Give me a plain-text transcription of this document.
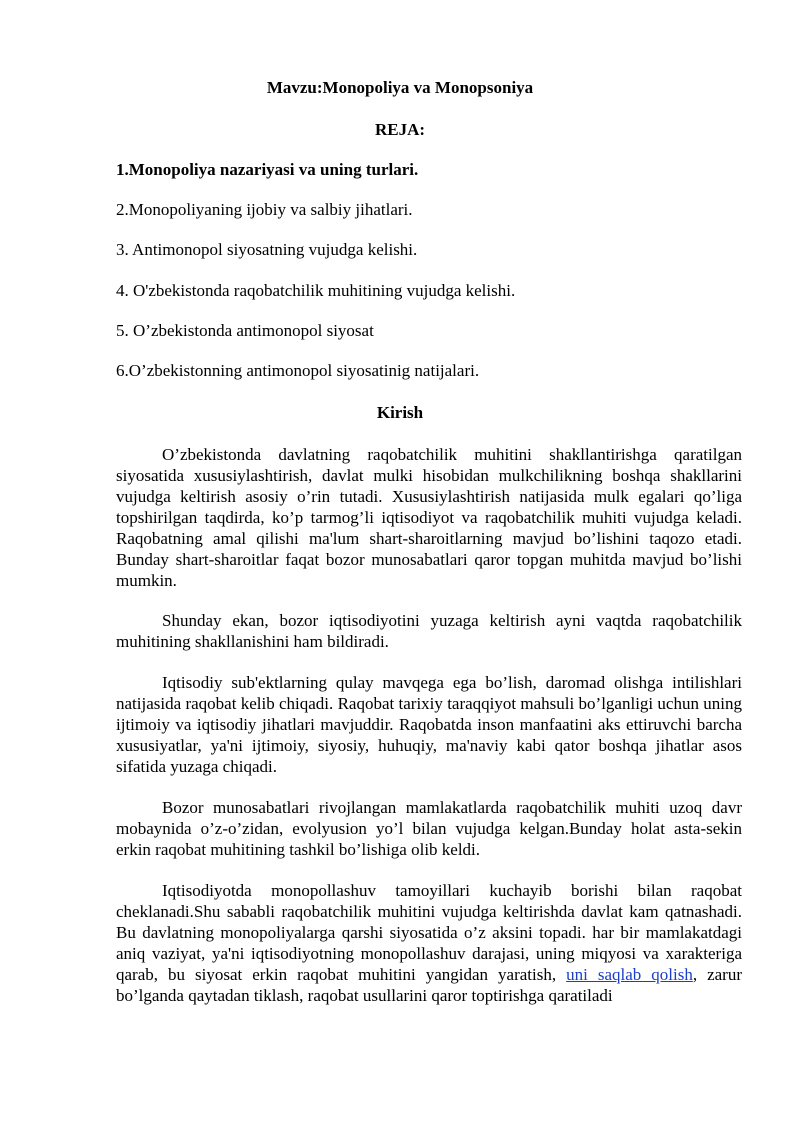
Mavzu:Monopoliya va Monopsoniya
REJA:
1.Monopoliya nazariyasi va uning turlari.
2.Monopoliyaning ijobiy va salbiy jihatlari.
3. Antimonopol siyosatning vujudga kelishi.
4. O'zbekistonda raqobatchilik muhitining vujudga kelishi.
5. O’zbekistonda antimonopol siyosat
6.O’zbekistonning antimonopol siyosatinig natijalari.
Kirish
O’zbekistonda davlatning raqobatchilik muhitini shakllantirishga qaratilgan siyosatida xususiylashtirish, davlat mulki hisobidan mulkchilikning boshqa shakllarini vujudga keltirish asosiy o’rin tutadi. Xususiylashtirish natijasida mulk egalari qo’liga topshirilgan taqdirda, ko’p tarmog’li iqtisodiyot va raqobatchilik muhiti vujudga keladi. Raqobatning amal qilishi ma'lum shart-sharoitlarning mavjud bo’lishini taqozo etadi. Bunday shart-sharoitlar faqat bozor munosabatlari qaror topgan muhitda mavjud bo’lishi mumkin.
Shunday ekan, bozor iqtisodiyotini yuzaga keltirish ayni vaqtda raqobatchilik muhitining shakllanishini ham bildiradi.
Iqtisodiy sub'ektlarning qulay mavqega ega bo’lish, daromad olishga intilishlari natijasida raqobat kelib chiqadi. Raqobat tarixiy taraqqiyot mahsuli bo’lganligi uchun uning ijtimoiy va iqtisodiy jihatlari mavjuddir. Raqobatda inson manfaatini aks ettiruvchi barcha xususiyatlar, ya'ni ijtimoiy, siyosiy, huhuqiy, ma'naviy kabi qator boshqa jihatlar asos sifatida yuzaga chiqadi.
Bozor munosabatlari rivojlangan mamlakatlarda raqobatchilik muhiti uzoq davr mobaynida o’z-o’zidan, evolyusion yo’l bilan vujudga kelgan.Bunday holat asta-sekin erkin raqobat muhitining tashkil bo’lishiga olib keldi.
Iqtisodiyotda monopollashuv tamoyillari kuchayib borishi bilan raqobat cheklanadi.Shu sababli raqobatchilik muhitini vujudga keltirishda davlat kam qatnashadi. Bu davlatning monopoliyalarga qarshi siyosatida o’z aksini topadi. har bir mamlakatdagi aniq vaziyat, ya'ni iqtisodiyotning monopollashuv darajasi, uning miqyosi va xarakteriga qarab, bu siyosat erkin raqobat muhitini yangidan yaratish, uni saqlab qolish, zarur bo’lganda qaytadan tiklash, raqobat usullarini qaror toptirishga qaratiladi
